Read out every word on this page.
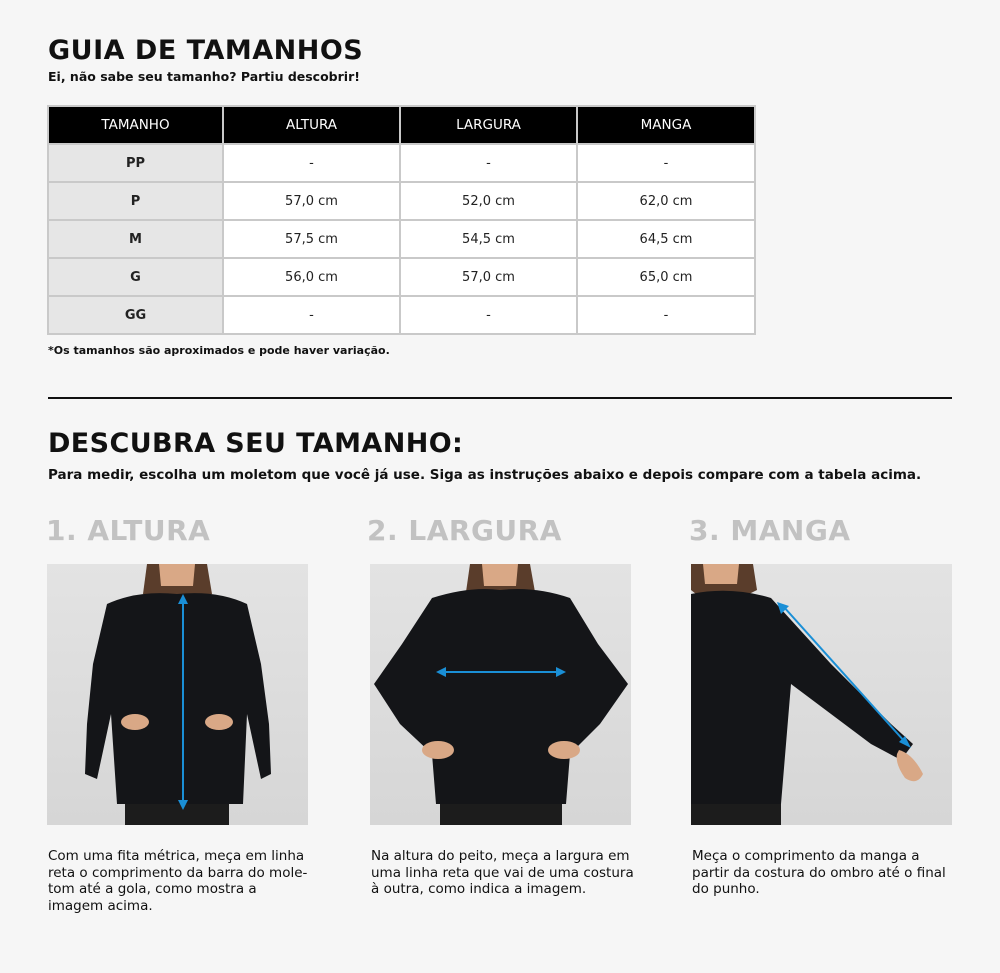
GUIA DE TAMANHOS

Ei, não sabe seu tamanho? Partiu descobrir!

TAMANHO	ALTURA	LARGURA	MANGA
PP	-	-	-
P	57,0 cm	52,0 cm	62,0 cm
M	57,5 cm	54,5 cm	64,5 cm
G	56,0 cm	57,0 cm	65,0 cm
GG	-	-	-

*Os tamanhos são aproximados e pode haver variação.

DESCUBRA SEU TAMANHO:

Para medir, escolha um moletom que você já use. Siga as instruções abaixo e depois compare com a tabela acima.

1. ALTURA

Com uma fita métrica, meça em linha
reta o comprimento da barra do mole-
tom até a gola, como mostra a
imagem acima.

2. LARGURA

Na altura do peito, meça a largura em
uma linha reta que vai de uma costura
à outra, como indica a imagem.

3. MANGA

Meça o comprimento da manga a
partir da costura do ombro até o final
do punho.
